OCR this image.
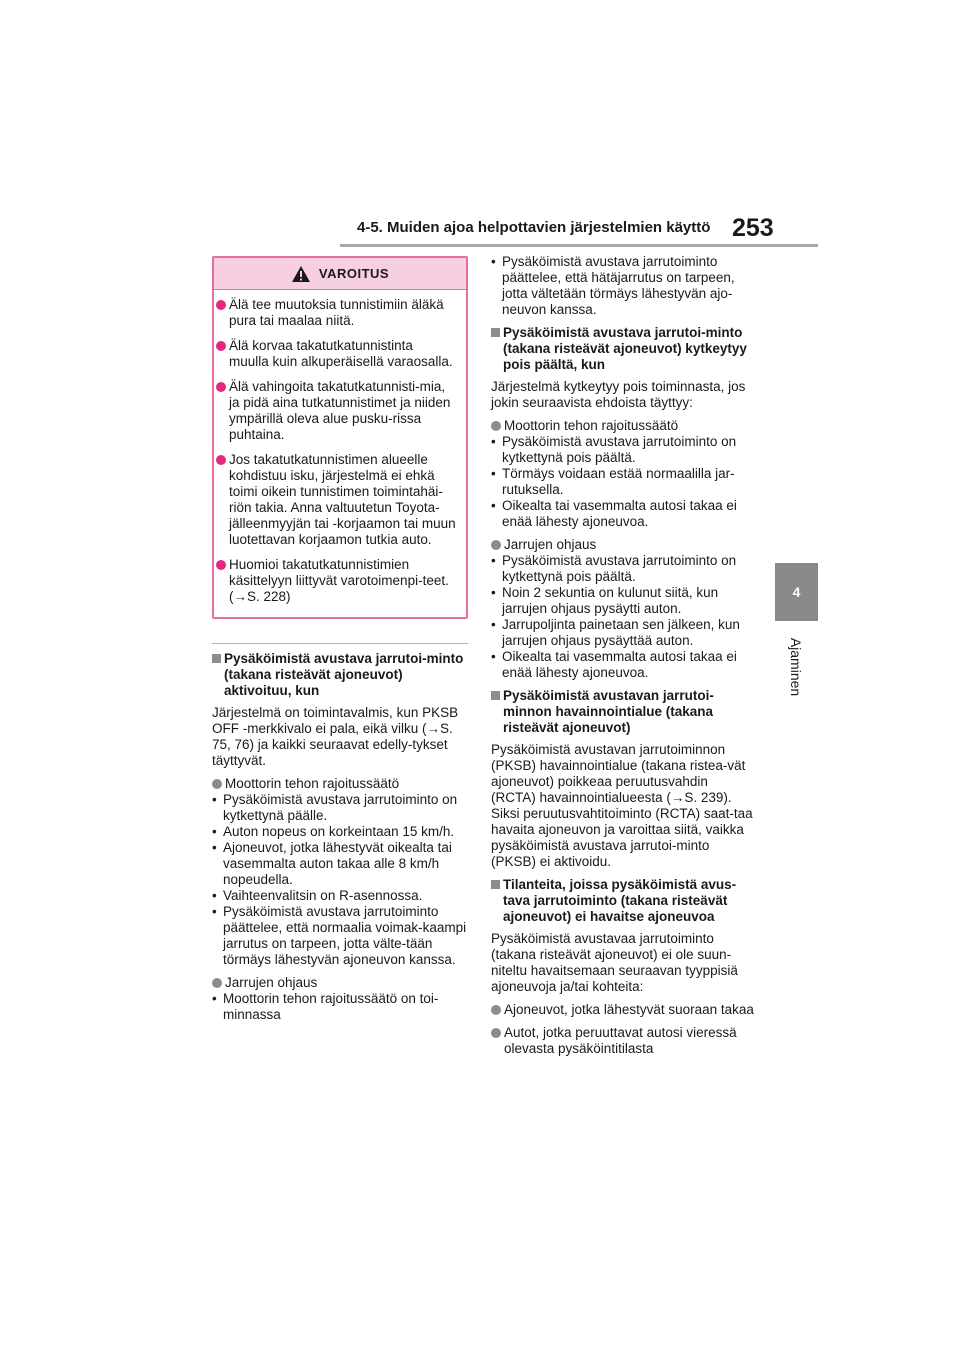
4-5. Muiden ajoa helpottavien järjestelmien käyttö 253
4
Ajaminen
VAROITUS
Älä tee muutoksia tunnistimiin äläkä pura tai maalaa niitä.
Älä korvaa takatutkatunnistinta muulla kuin alkuperäisellä varaosalla.
Älä vahingoita takatutkatunnisti-mia, ja pidä aina tutkatunnistimet ja niiden ympärillä oleva alue pusku-rissa puhtaina.
Jos takatutkatunnistimen alueelle kohdistuu isku, järjestelmä ei ehkä toimi oikein tunnistimen toimintahäi-riön takia. Anna valtuutetun Toyota-jälleenmyyjän tai -korjaamon tai muun luotettavan korjaamon tutkia auto.
Huomioi takatutkatunnistimien käsittelyyn liittyvät varotoimenpi-teet. (→S. 228)
Pysäköimistä avustava jarrutoi-minto (takana risteävät ajoneuvot) aktivoituu, kun
Järjestelmä on toimintavalmis, kun PKSB OFF -merkkivalo ei pala, eikä vilku (→S. 75, 76) ja kaikki seuraavat edelly-tykset täyttyvät.
Moottorin tehon rajoitussäätö
• Pysäköimistä avustava jarrutoiminto on kytkettynä päälle.
• Auton nopeus on korkeintaan 15 km/h.
• Ajoneuvot, jotka lähestyvät oikealta tai vasemmalta auton takaa alle 8 km/h nopeudella.
• Vaihteenvalitsin on R-asennossa.
• Pysäköimistä avustava jarrutoiminto päättelee, että normaalia voimak-kaampi jarrutus on tarpeen, jotta välte-tään törmäys lähestyvän ajoneuvon kanssa.
Jarrujen ohjaus
• Moottorin tehon rajoitussäätö on toi-minnassa
• Pysäköimistä avustava jarrutoiminto päättelee, että hätäjarrutus on tarpeen, jotta vältetään törmäys lähestyvän ajo-neuvon kanssa.
Pysäköimistä avustava jarrutoi-minto (takana risteävät ajoneuvot) kytkeytyy pois päältä, kun
Järjestelmä kytkeytyy pois toiminnasta, jos jokin seuraavista ehdoista täyttyy:
Moottorin tehon rajoitussäätö
• Pysäköimistä avustava jarrutoiminto on kytkettynä pois päältä.
• Törmäys voidaan estää normaalilla jar-rutuksella.
• Oikealta tai vasemmalta autosi takaa ei enää lähesty ajoneuvoa.
Jarrujen ohjaus
• Pysäköimistä avustava jarrutoiminto on kytkettynä pois päältä.
• Noin 2 sekuntia on kulunut siitä, kun jarrujen ohjaus pysäytti auton.
• Jarrupoljinta painetaan sen jälkeen, kun jarrujen ohjaus pysäyttää auton.
• Oikealta tai vasemmalta autosi takaa ei enää lähesty ajoneuvoa.
Pysäköimistä avustavan jarrutoi-minnon havainnointialue (takana risteävät ajoneuvot)
Pysäköimistä avustavan jarrutoiminnon (PKSB) havainnointialue (takana ristea-vät ajoneuvot) poikkeaa peruutusvahdin (RCTA) havainnointialueesta (→S. 239). Siksi peruutusvahtitoiminto (RCTA) saat-taa havaita ajoneuvon ja varoittaa siitä, vaikka pysäköimistä avustava jarrutoi-minto (PKSB) ei aktivoidu.
Tilanteita, joissa pysäköimistä avus-tava jarrutoiminto (takana risteävät ajoneuvot) ei havaitse ajoneuvoa
Pysäköimistä avustavaa jarrutoiminto (takana risteävät ajoneuvot) ei ole suun-niteltu havaitsemaan seuraavan tyyppisiä ajoneuvoja ja/tai kohteita:
Ajoneuvot, jotka lähestyvät suoraan takaa
Autot, jotka peruuttavat autosi vieressä olevasta pysäköintitilasta
